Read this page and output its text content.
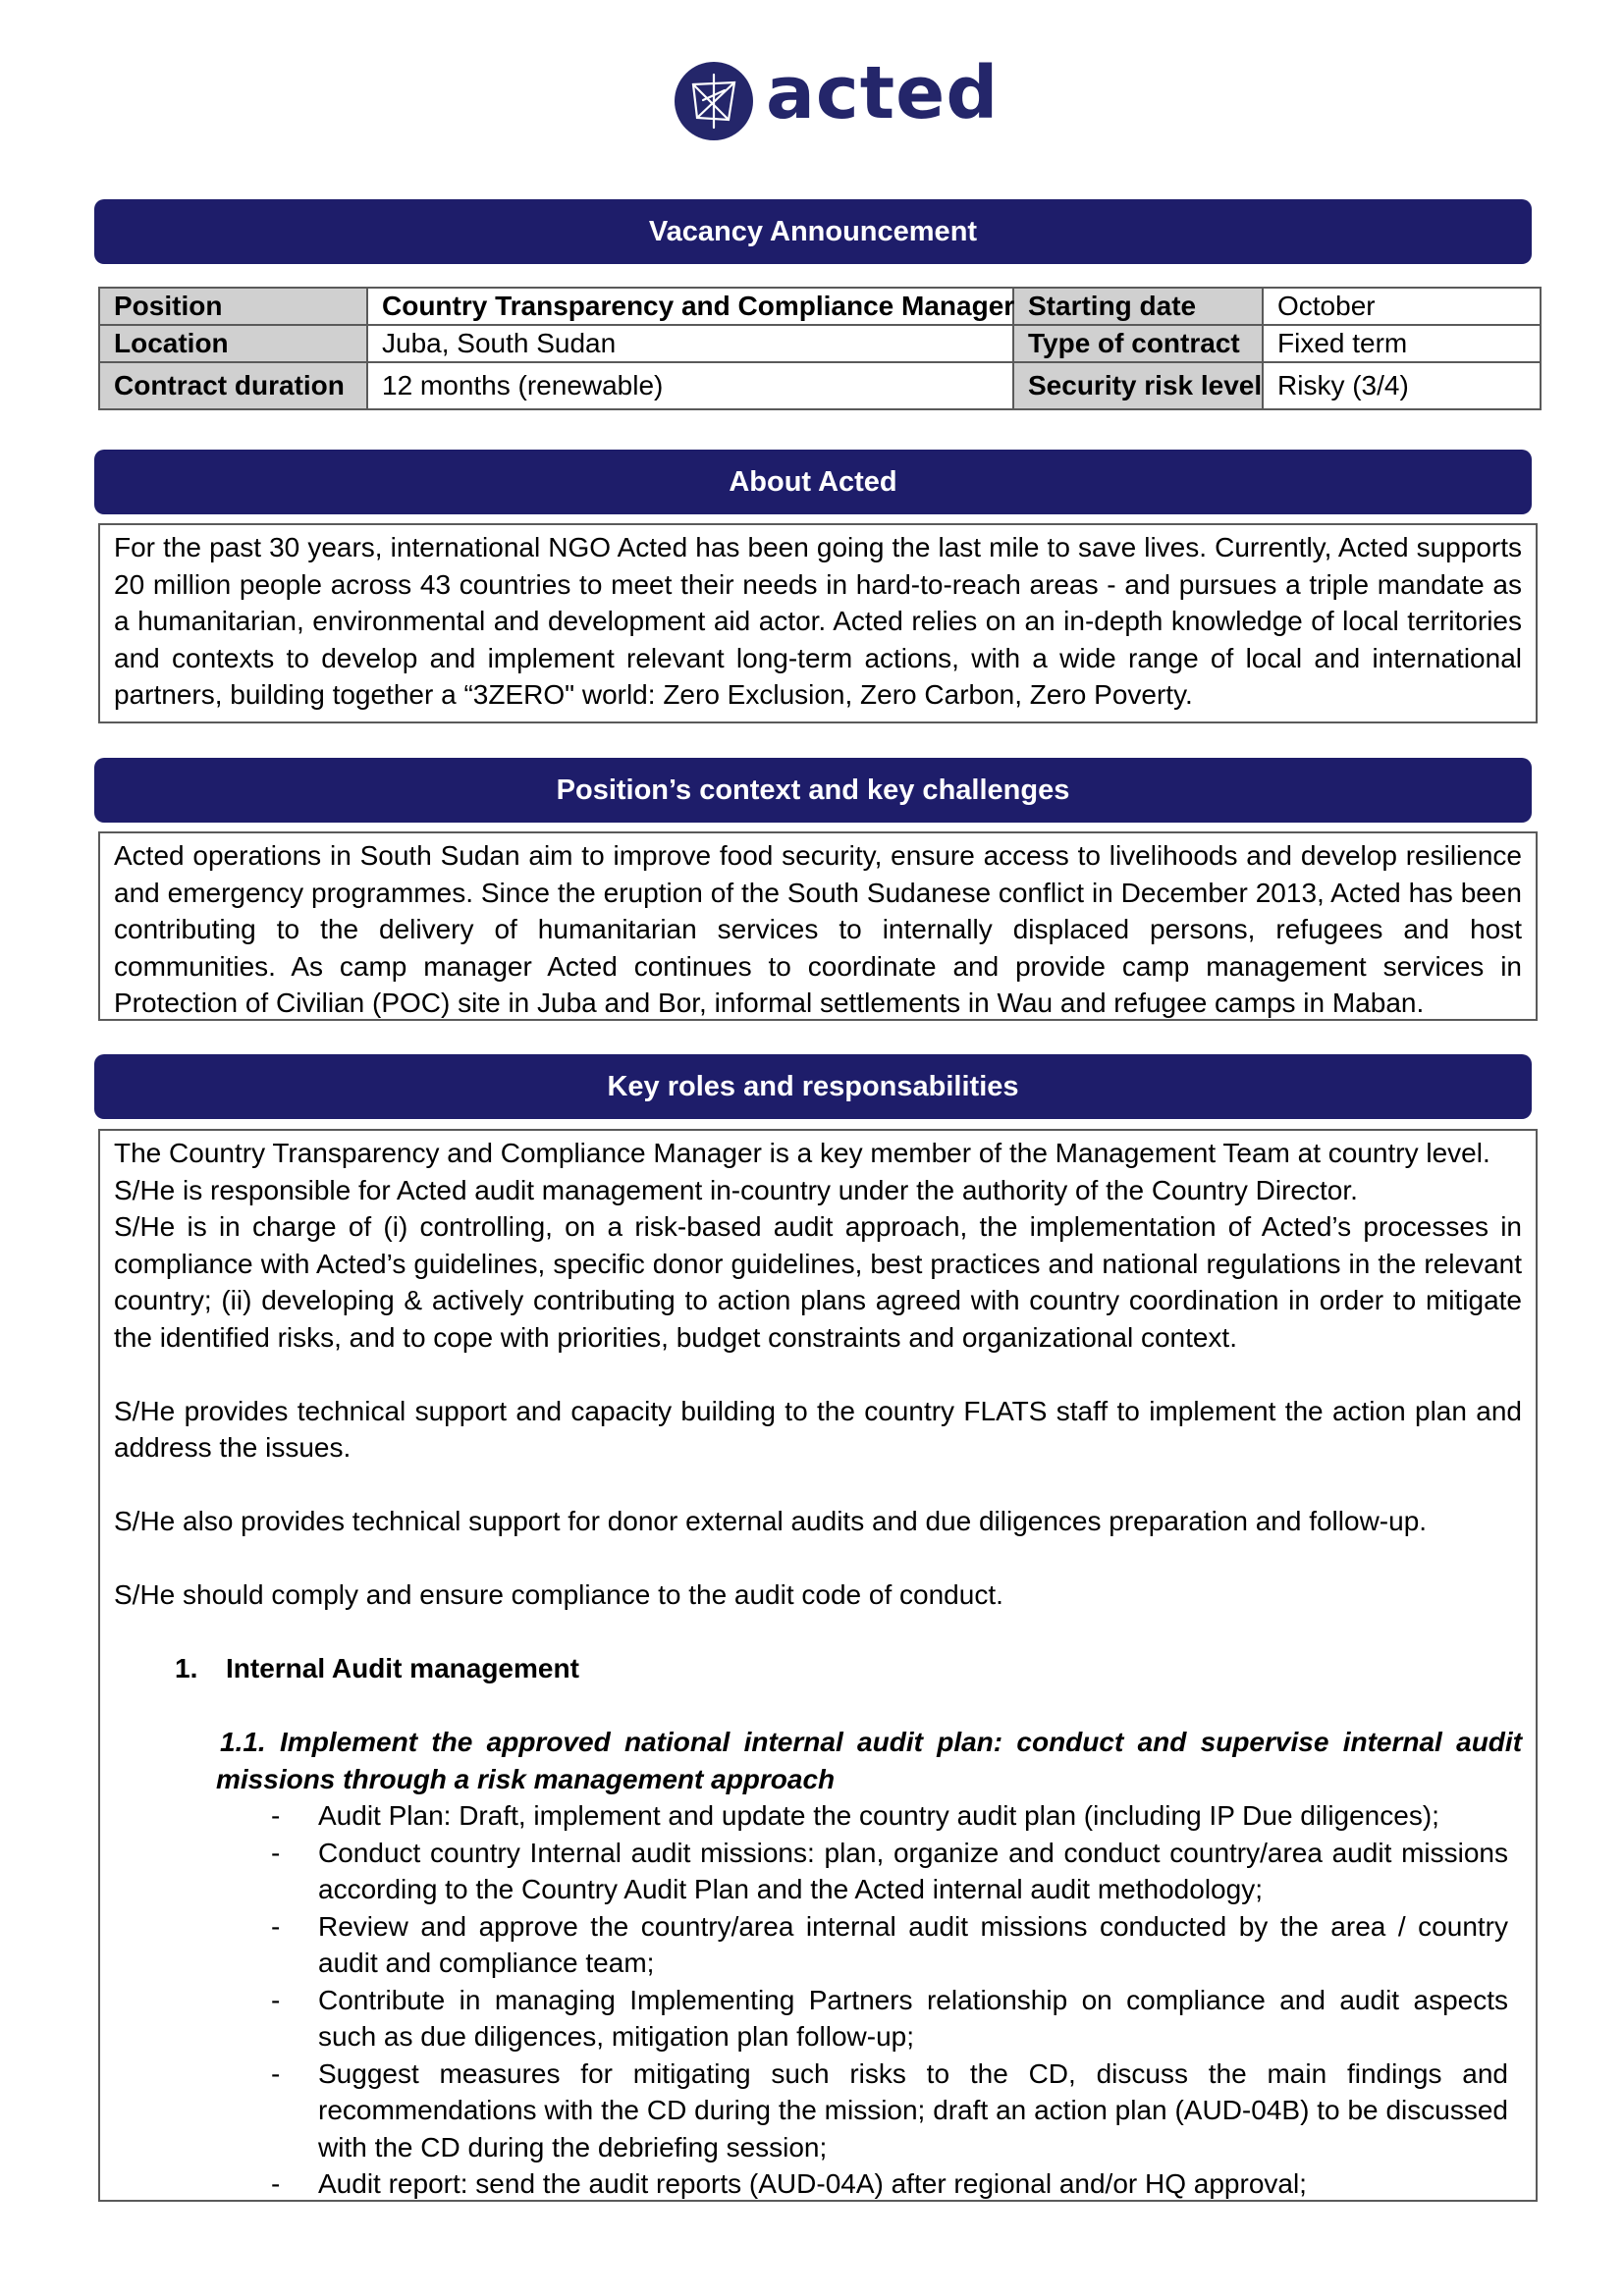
acted
Vacancy Announcement
Position	Country Transparency and Compliance Manager	Starting date	October
Location	Juba, South Sudan	Type of contract	Fixed term
Contract duration	12 months (renewable)	Security risk level	Risky (3/4)
About Acted

For the past 30 years, international NGO Acted has been going the last mile to save lives. Currently, Acted supports 20 million people across 43 countries to meet their needs in hard-to-reach areas - and pursues a triple mandate as a humanitarian, environmental and development aid actor. Acted relies on an in-depth knowledge of local territories and contexts to develop and implement relevant long-term actions, with a wide range of local and international partners, building together a “3ZERO" world: Zero Exclusion, Zero Carbon, Zero Poverty.

Position’s context and key challenges

Acted operations in South Sudan aim to improve food security, ensure access to livelihoods and develop resilience and emergency programmes. Since the eruption of the South Sudanese conflict in December 2013, Acted has been contributing to the delivery of humanitarian services to internally displaced persons, refugees and host communities. As camp manager Acted continues to coordinate and provide camp management services in Protection of Civilian (POC) site in Juba and Bor, informal settlements in Wau and refugee camps in Maban.

Key roles and responsabilities

The Country Transparency and Compliance Manager is a key member of the Management Team at country level.

S/He is responsible for Acted audit management in-country under the authority of the Country Director.

S/He is in charge of (i) controlling, on a risk-based audit approach, the implementation of Acted’s processes in compliance with Acted’s guidelines, specific donor guidelines, best practices and national regulations in the relevant country; (ii) developing & actively contributing to action plans agreed with country coordination in order to mitigate the identified risks, and to cope with priorities, budget constraints and organizational context.

S/He provides technical support and capacity building to the country FLATS staff to implement the action plan and address the issues.

S/He also provides technical support for donor external audits and due diligences preparation and follow-up.

S/He should comply and ensure compliance to the audit code of conduct.

1. Internal Audit management
1.1. Implement the approved national internal audit plan: conduct and supervise internal audit missions through a risk management approach
- Audit Plan: Draft, implement and update the country audit plan (including IP Due diligences);
- Conduct country Internal audit missions: plan, organize and conduct country/area audit missions according to the Country Audit Plan and the Acted internal audit methodology;
- Review and approve the country/area internal audit missions conducted by the area / country audit and compliance team;
- Contribute in managing Implementing Partners relationship on compliance and audit aspects such as due diligences, mitigation plan follow-up;
- Suggest measures for mitigating such risks to the CD, discuss the main findings and recommendations with the CD during the mission; draft an action plan (AUD-04B) to be discussed with the CD during the debriefing session;
- Audit report: send the audit reports (AUD-04A) after regional and/or HQ approval;
